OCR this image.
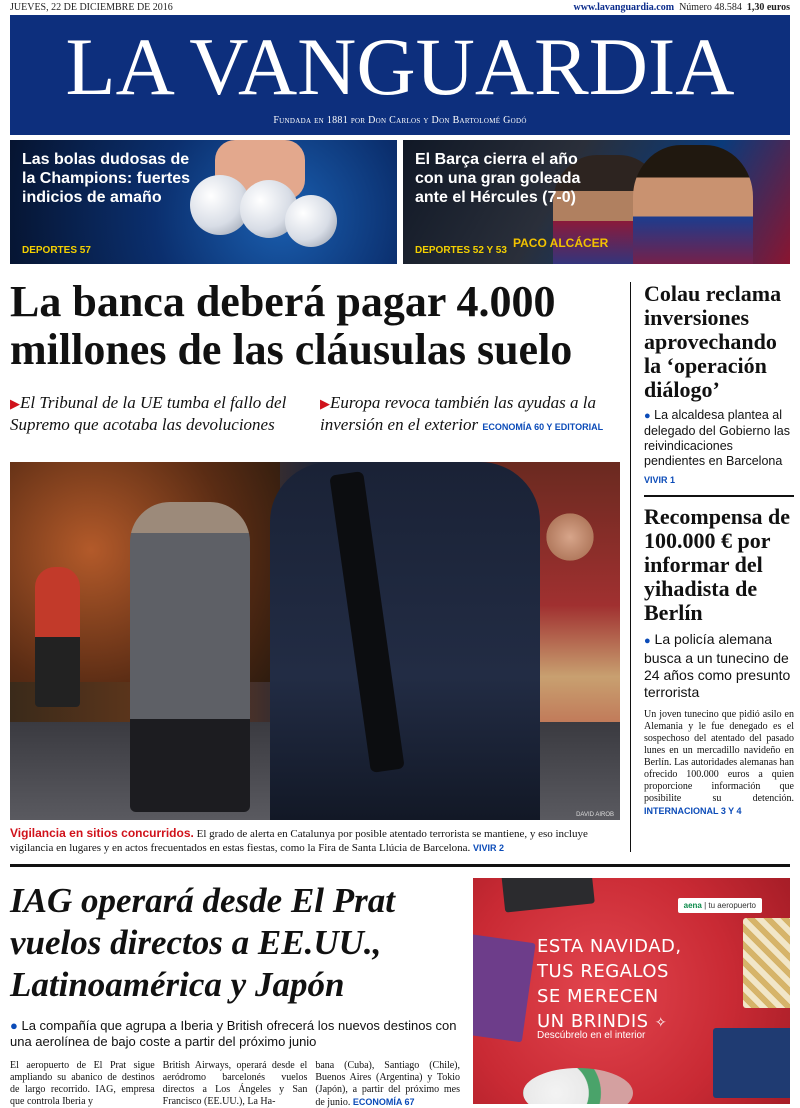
JUEVES, 22 DE DICIEMBRE DE 2016	www.lavanguardia.com Número 48.584 1,30 euros
LA VANGUARDIA
Fundada en 1881 por Don Carlos y Don Bartolomé Godó
Las bolas dudosas de la Champions: fuertes indicios de amaño
DEPORTES 57
PACO ALCÁCER
El Barça cierra el año con una gran goleada ante el Hércules (7-0)
DEPORTES 52 Y 53
La banca deberá pagar 4.000 millones de las cláusulas suelo
▶El Tribunal de la UE tumba el fallo del Supremo que acotaba las devoluciones
▶Europa revoca también las ayudas a la inversión en el exterior ECONOMÍA 60 Y EDITORIAL
DAVID AIROB
Vigilancia en sitios concurridos. El grado de alerta en Catalunya por posible atentado terrorista se mantiene, y eso incluye vigilancia en lugares y en actos frecuentados en estas fiestas, como la Fira de Santa Llúcia de Barcelona. VIVIR 2
Colau reclama inversiones aprovechando la ‘operación diálogo’

● La alcaldesa plantea al delegado del Gobierno las reivindicaciones pendientes en Barcelona

VIVIR 1
Recompensa de 100.000 € por informar del yihadista de Berlín

● La policía alemana busca a un tunecino de 24 años como presunto terrorista

Un joven tunecino que pidió asilo en Alemania y le fue denegado es el sospechoso del atentado del pasado lunes en un mercadillo navideño en Berlín. Las autoridades alemanas han ofrecido 100.000 euros a quien proporcione información que posibilite su detención. INTERNACIONAL 3 Y 4
IAG operará desde El Prat vuelos directos a EE.UU., Latinoamérica y Japón
● La compañía que agrupa a Iberia y British ofrecerá los nuevos destinos con una aerolínea de bajo coste a partir del próximo junio
El aeropuerto de El Prat sigue ampliando su abanico de destinos de largo recorrido. IAG, empresa que controla Iberia y
British Airways, operará desde el aeródromo barcelonés vuelos directos a Los Ángeles y San Francisco (EE.UU.), La Ha-
bana (Cuba), Santiago (Chile), Buenos Aires (Argentina) y Tokio (Japón), a partir del próximo mes de junio. ECONOMÍA 67
aena | tu aeropuerto
ESTA NAVIDAD,
TUS REGALOS
SE MERECEN
UN BRINDIS ✧
Descúbrelo en el interior
